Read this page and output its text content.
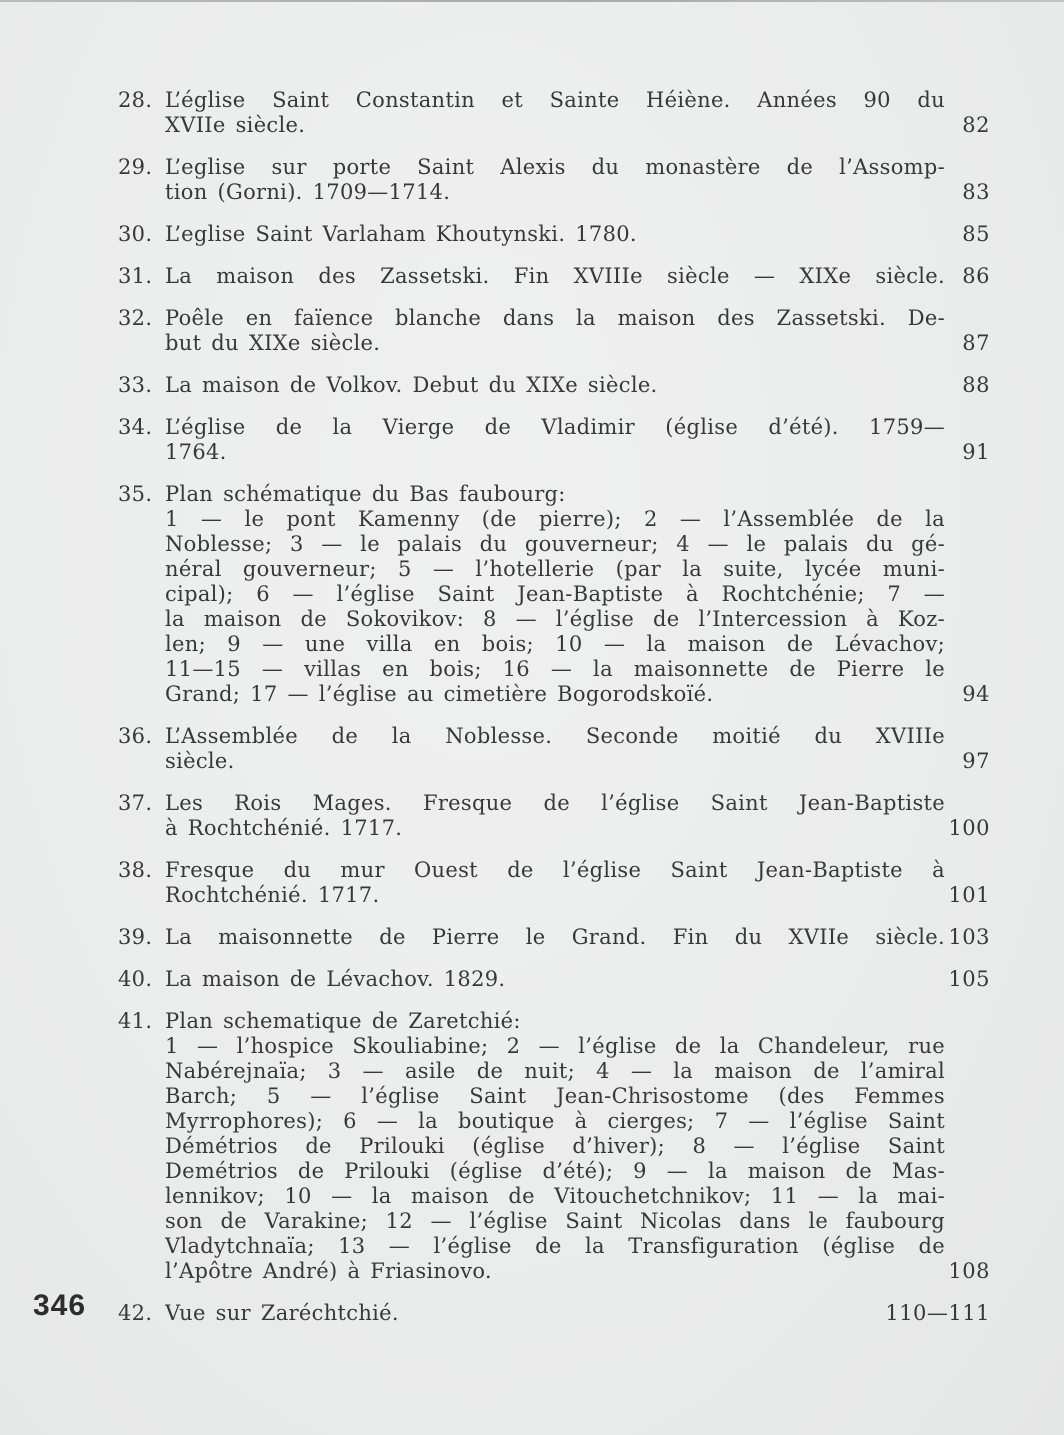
28. L’église Saint Constantin et Sainte Héiène. Années 90 du
XVIIe siècle.	82
29. L’eglise sur porte Saint Alexis du monastère de l’Assomp-
tion (Gorni). 1709—1714.	83
30. L’eglise Saint Varlaham Khoutynski. 1780.	85
31. La maison des Zassetski. Fin XVIIIe siècle — XIXe siècle. 86
32. Poêle en faïence blanche dans la maison des Zassetski. De-
but du XIXe siècle.	87
33. La maison de Volkov. Debut du XIXe siècle.	88
34. L’église de la Vierge de Vladimir (église d’été). 1759—
1764.	91
35. Plan schématique du Bas faubourg:
1 — le pont Kamenny (de pierre); 2 — l’Assemblée de la
Noblesse; 3 — le palais du gouverneur; 4 — le palais du gé-
néral gouverneur; 5 — l’hotellerie (par la suite, lycée muni-
cipal); 6 — l’église Saint Jean-Baptiste à Rochtchénie; 7 —
la maison de Sokovikov: 8 — l’église de l’Intercession à Koz-
len; 9 — une villa en bois; 10 — la maison de Lévachov;
11—15 — villas en bois; 16 — la maisonnette de Pierre le
Grand; 17 — l’église au cimetière Bogorodskoïé.	94
36. L’Assemblée de la Noblesse. Seconde moitié du XVIIIe
siècle.	97
37. Les Rois Mages. Fresque de l’église Saint Jean-Baptiste
à Rochtchénié. 1717.	100
38. Fresque du mur Ouest de l’église Saint Jean-Baptiste à
Rochtchénié. 1717.	101
39. La maisonnette de Pierre le Grand. Fin du XVIIe siècle. 103
40. La maison de Lévachov. 1829.	105
41. Plan schematique de Zaretchié:
1 — l’hospice Skouliabine; 2 — l’église de la Chandeleur, rue
Nabérejnaïa; 3 — asile de nuit; 4 — la maison de l’amiral
Barch; 5 — l’église Saint Jean-Chrisostome (des Femmes
Myrrophores); 6 — la boutique à cierges; 7 — l’église Saint
Démétrios de Prilouki (église d’hiver); 8 — l’église Saint
Demétrios de Prilouki (église d’été); 9 — la maison de Mas-
lennikov; 10 — la maison de Vitouchetchnikov; 11 — la mai-
son de Varakine; 12 — l’église Saint Nicolas dans le faubourg
Vladytchnaïa; 13 — l’église de la Transfiguration (église de
l’Apôtre André) à Friasinovo.	108
42. Vue sur Zaréchtchié.	110—111
346
